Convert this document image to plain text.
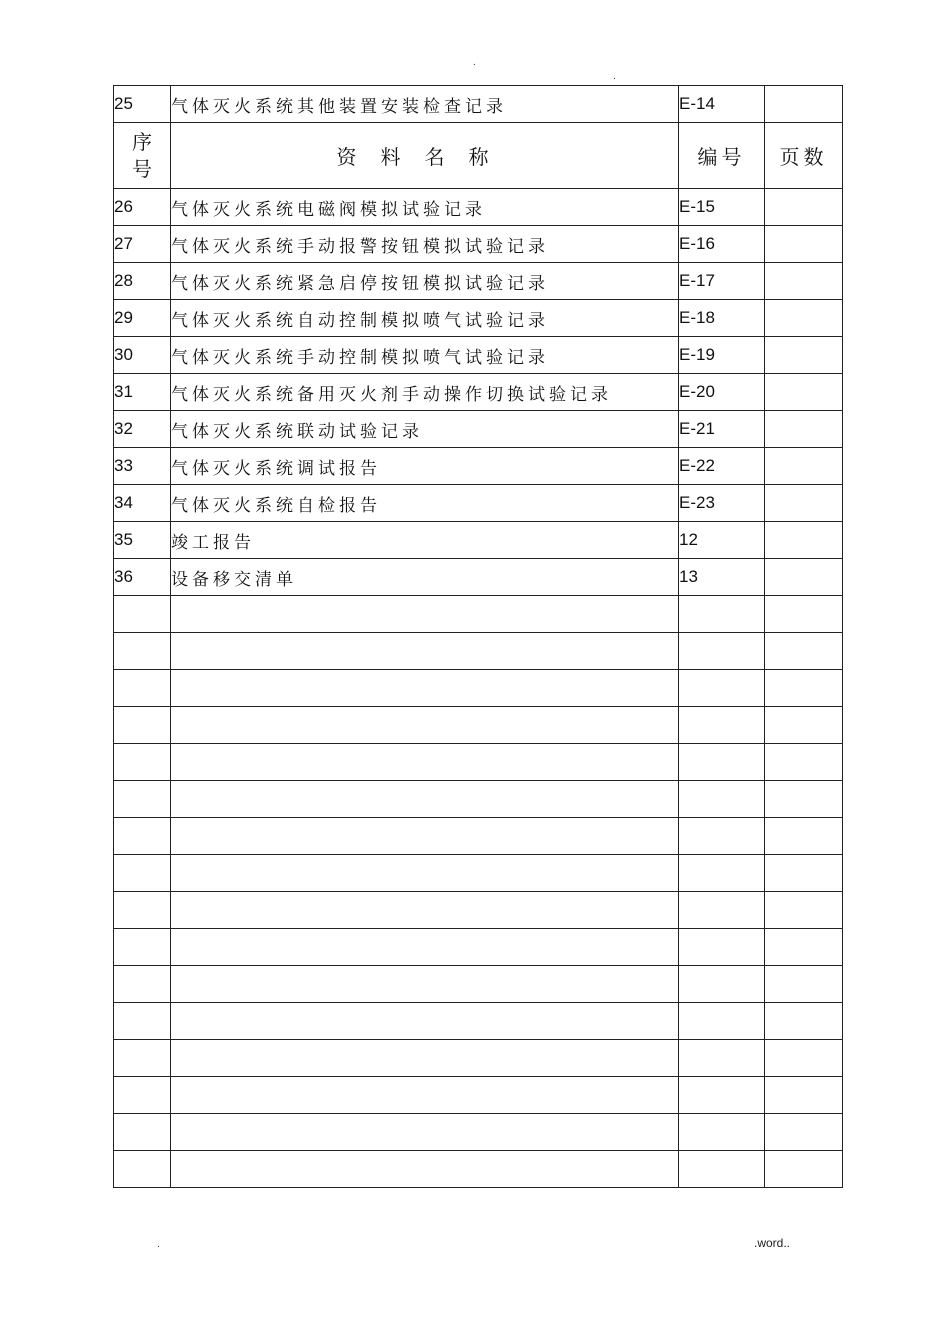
.
.
25	气体灭火系统其他装置安装检查记录	E-14	

序
号	资料名称	编号	页数
26	气体灭火系统电磁阀模拟试验记录	E-15	
27	气体灭火系统手动报警按钮模拟试验记录	E-16	
28	气体灭火系统紧急启停按钮模拟试验记录	E-17	
29	气体灭火系统自动控制模拟喷气试验记录	E-18	
30	气体灭火系统手动控制模拟喷气试验记录	E-19	
31	气体灭火系统备用灭火剂手动操作切换试验记录	E-20	
32	气体灭火系统联动试验记录	E-21	
33	气体灭火系统调试报告	E-22	
34	气体灭火系统自检报告	E-23	
35	竣工报告	12	
36	设备移交清单	13	

.	.word..
